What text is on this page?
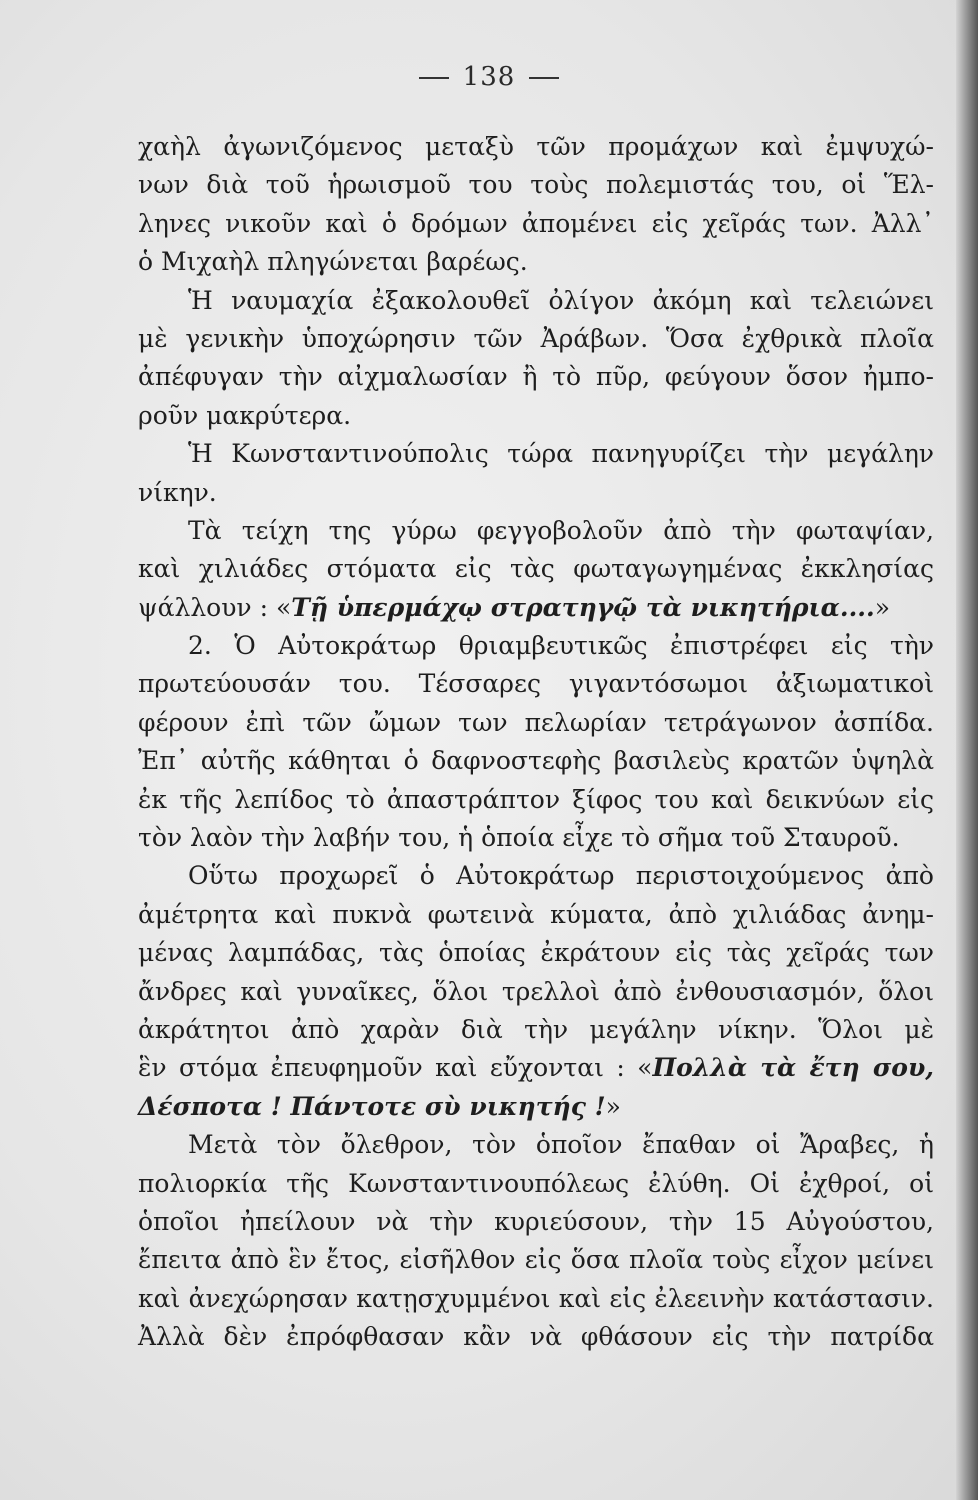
138
χαὴλ ἀγωνιζόμενος μεταξὺ τῶν προμάχων καὶ ἐμψυχώ-
νων διὰ τοῦ ἡρωισμοῦ του τοὺς πολεμιστάς του, οἱ Ἕλ-
ληνες νικοῦν καὶ ὁ δρόμων ἀπομένει εἰς χεῖράς των. Ἀλλ᾿
ὁ Μιχαὴλ πληγώνεται βαρέως.
Ἡ ναυμαχία ἐξακολουθεῖ ὀλίγον ἀκόμη καὶ τελειώνει
μὲ γενικὴν ὑποχώρησιν τῶν Ἀράβων. Ὅσα ἐχθρικὰ πλοῖα
ἀπέφυγαν τὴν αἰχμαλωσίαν ἢ τὸ πῦρ, φεύγουν ὅσον ἠμπο-
ροῦν μακρύτερα.
Ἡ Κωνσταντινούπολις τώρα πανηγυρίζει τὴν μεγάλην
νίκην.
Τὰ τείχη της γύρω φεγγοβολοῦν ἀπὸ τὴν φωταψίαν,
καὶ χιλιάδες στόματα εἰς τὰς φωταγωγημένας ἐκκλησίας
ψάλλουν : «Τῇ ὑπερμάχῳ στρατηγῷ τὰ νικητήρια....»
2. Ὁ Αὐτοκράτωρ θριαμβευτικῶς ἐπιστρέφει εἰς τὴν
πρωτεύουσάν του. Τέσσαρες γιγαντόσωμοι ἀξιωματικοὶ
φέρουν ἐπὶ τῶν ὤμων των πελωρίαν τετράγωνον ἀσπίδα.
Ἐπ᾿ αὐτῆς κάθηται ὁ δαφνοστεφὴς βασιλεὺς κρατῶν ὑψηλὰ
ἐκ τῆς λεπίδος τὸ ἀπαστράπτον ξίφος του καὶ δεικνύων εἰς
τὸν λαὸν τὴν λαβήν του, ἡ ὁποία εἶχε τὸ σῆμα τοῦ Σταυροῦ.
Οὕτω προχωρεῖ ὁ Αὐτοκράτωρ περιστοιχούμενος ἀπὸ
ἀμέτρητα καὶ πυκνὰ φωτεινὰ κύματα, ἀπὸ χιλιάδας ἀνημ-
μένας λαμπάδας, τὰς ὁποίας ἐκράτουν εἰς τὰς χεῖράς των
ἄνδρες καὶ γυναῖκες, ὅλοι τρελλοὶ ἀπὸ ἐνθουσιασμόν, ὅλοι
ἀκράτητοι ἀπὸ χαρὰν διὰ τὴν μεγάλην νίκην. Ὅλοι μὲ
ἓν στόμα ἐπευφημοῦν καὶ εὔχονται : «Πολλὰ τὰ ἔτη σου,
Δέσποτα ! Πάντοτε σὺ νικητής !»
Μετὰ τὸν ὄλεθρον, τὸν ὁποῖον ἔπαθαν οἱ Ἄραβες, ἡ
πολιορκία τῆς Κωνσταντινουπόλεως ἐλύθη. Οἱ ἐχθροί, οἱ
ὁποῖοι ἠπείλουν νὰ τὴν κυριεύσουν, τὴν 15 Αὐγούστου,
ἔπειτα ἀπὸ ἓν ἔτος, εἰσῆλθον εἰς ὅσα πλοῖα τοὺς εἶχον μείνει
καὶ ἀνεχώρησαν κατῃσχυμμένοι καὶ εἰς ἐλεεινὴν κατάστασιν.
Ἀλλὰ δὲν ἐπρόφθασαν κἂν νὰ φθάσουν εἰς τὴν πατρίδα
